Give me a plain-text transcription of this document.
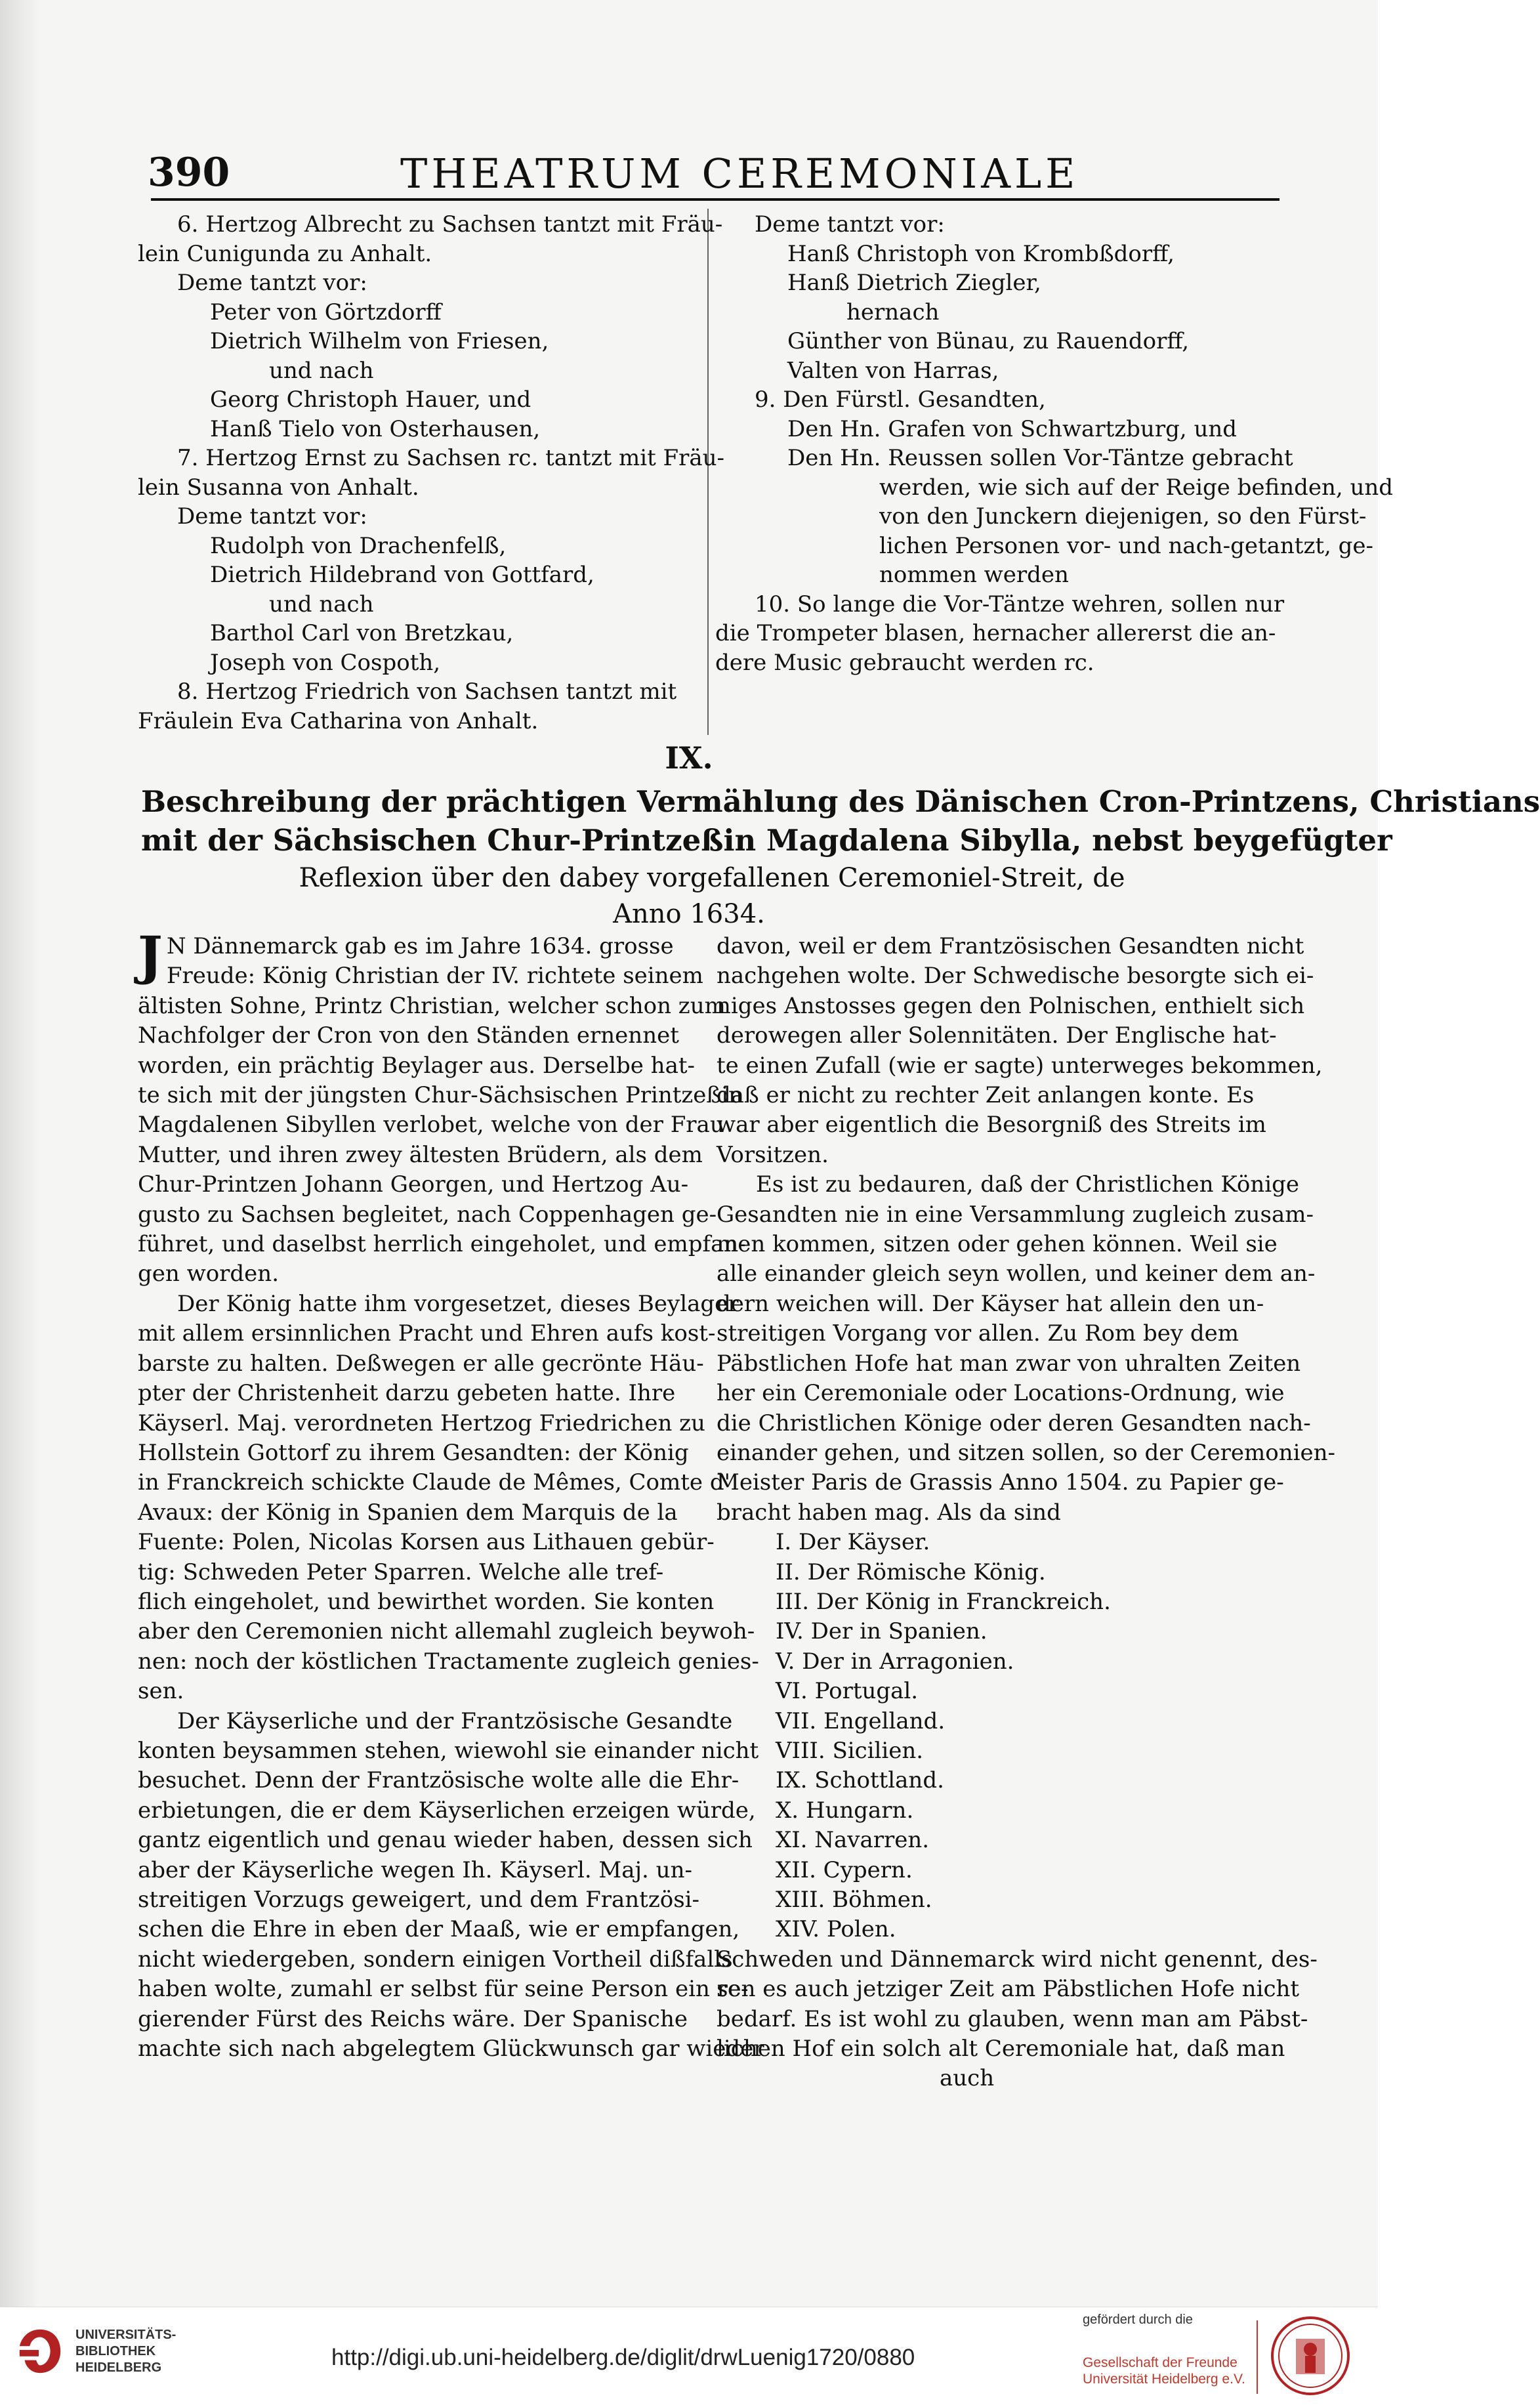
390	THEATRUM CEREMONIALE
6. Hertzog Albrecht zu Sachsen tantzt mit Fräu-
lein Cunigunda zu Anhalt.
Deme tantzt vor:
Peter von Görtzdorff
Dietrich Wilhelm von Friesen,
und nach
Georg Christoph Hauer, und
Hanß Tielo von Osterhausen,
7. Hertzog Ernst zu Sachsen rc. tantzt mit Fräu-
lein Susanna von Anhalt.
Deme tantzt vor:
Rudolph von Drachenfelß,
Dietrich Hildebrand von Gottfard,
und nach
Barthol Carl von Bretzkau,
Joseph von Cospoth,
8. Hertzog Friedrich von Sachsen tantzt mit
Fräulein Eva Catharina von Anhalt.
Deme tantzt vor:
Hanß Christoph von Krombßdorff,
Hanß Dietrich Ziegler,
hernach
Günther von Bünau, zu Rauendorff,
Valten von Harras,
9. Den Fürstl. Gesandten,
Den Hn. Grafen von Schwartzburg, und
Den Hn. Reussen sollen Vor-Täntze gebracht
werden, wie sich auf der Reige befinden, und
von den Junckern diejenigen, so den Fürst-
lichen Personen vor- und nach-getantzt, ge-
nommen werden
10. So lange die Vor-Täntze wehren, sollen nur
die Trompeter blasen, hernacher allererst die an-
dere Music gebraucht werden rc.
IX.
Beschreibung der prächtigen Vermählung des Dänischen Cron-Printzens, Christians
mit der Sächsischen Chur-Printzeßin Magdalena Sibylla, nebst beygefügter
Reflexion über den dabey vorgefallenen Ceremoniel-Streit, de
Anno 1634.
J N Dännemarck gab es im Jahre 1634. grosse
Freude: König Christian der IV. richtete seinem
ältisten Sohne, Printz Christian, welcher schon zum
Nachfolger der Cron von den Ständen ernennet
worden, ein prächtig Beylager aus. Derselbe hat-
te sich mit der jüngsten Chur-Sächsischen Printzeßin
Magdalenen Sibyllen verlobet, welche von der Frau
Mutter, und ihren zwey ältesten Brüdern, als dem
Chur-Printzen Johann Georgen, und Hertzog Au-
gusto zu Sachsen begleitet, nach Coppenhagen ge-
führet, und daselbst herrlich eingeholet, und empfan-
gen worden.
Der König hatte ihm vorgesetzet, dieses Beylager
mit allem ersinnlichen Pracht und Ehren aufs kost-
barste zu halten. Deßwegen er alle gecrönte Häu-
pter der Christenheit darzu gebeten hatte. Ihre
Käyserl. Maj. verordneten Hertzog Friedrichen zu
Hollstein Gottorf zu ihrem Gesandten: der König
in Franckreich schickte Claude de Mêmes, Comte d'
Avaux: der König in Spanien dem Marquis de la
Fuente: Polen, Nicolas Korsen aus Lithauen gebür-
tig: Schweden Peter Sparren. Welche alle tref-
flich eingeholet, und bewirthet worden. Sie konten
aber den Ceremonien nicht allemahl zugleich beywoh-
nen: noch der köstlichen Tractamente zugleich genies-
sen.
Der Käyserliche und der Frantzösische Gesandte
konten beysammen stehen, wiewohl sie einander nicht
besuchet. Denn der Frantzösische wolte alle die Ehr-
erbietungen, die er dem Käyserlichen erzeigen würde,
gantz eigentlich und genau wieder haben, dessen sich
aber der Käyserliche wegen Ih. Käyserl. Maj. un-
streitigen Vorzugs geweigert, und dem Frantzösi-
schen die Ehre in eben der Maaß, wie er empfangen,
nicht wiedergeben, sondern einigen Vortheil dißfalls
haben wolte, zumahl er selbst für seine Person ein re-
gierender Fürst des Reichs wäre. Der Spanische
machte sich nach abgelegtem Glückwunsch gar wieder
davon, weil er dem Frantzösischen Gesandten nicht
nachgehen wolte. Der Schwedische besorgte sich ei-
niges Anstosses gegen den Polnischen, enthielt sich
derowegen aller Solennitäten. Der Englische hat-
te einen Zufall (wie er sagte) unterweges bekommen,
daß er nicht zu rechter Zeit anlangen konte. Es
war aber eigentlich die Besorgniß des Streits im
Vorsitzen.
Es ist zu bedauren, daß der Christlichen Könige
Gesandten nie in eine Versammlung zugleich zusam-
men kommen, sitzen oder gehen können. Weil sie
alle einander gleich seyn wollen, und keiner dem an-
dern weichen will. Der Käyser hat allein den un-
streitigen Vorgang vor allen. Zu Rom bey dem
Päbstlichen Hofe hat man zwar von uhralten Zeiten
her ein Ceremoniale oder Locations-Ordnung, wie
die Christlichen Könige oder deren Gesandten nach-
einander gehen, und sitzen sollen, so der Ceremonien-
Meister Paris de Grassis Anno 1504. zu Papier ge-
bracht haben mag. Als da sind
I. Der Käyser.
II. Der Römische König.
III. Der König in Franckreich.
IV. Der in Spanien.
V. Der in Arragonien.
VI. Portugal.
VII. Engelland.
VIII. Sicilien.
IX. Schottland.
X. Hungarn.
XI. Navarren.
XII. Cypern.
XIII. Böhmen.
XIV. Polen.
Schweden und Dännemarck wird nicht genennt, des-
sen es auch jetziger Zeit am Päbstlichen Hofe nicht
bedarf. Es ist wohl zu glauben, wenn man am Päbst-
lichen Hof ein solch alt Ceremoniale hat, daß man
auch
UNIVERSITÄTS-
BIBLIOTHEK
HEIDELBERG	http://digi.ub.uni-heidelberg.de/diglit/drwLuenig1720/0880
gefördert durch die
Gesellschaft der Freunde
Universität Heidelberg e.V.
